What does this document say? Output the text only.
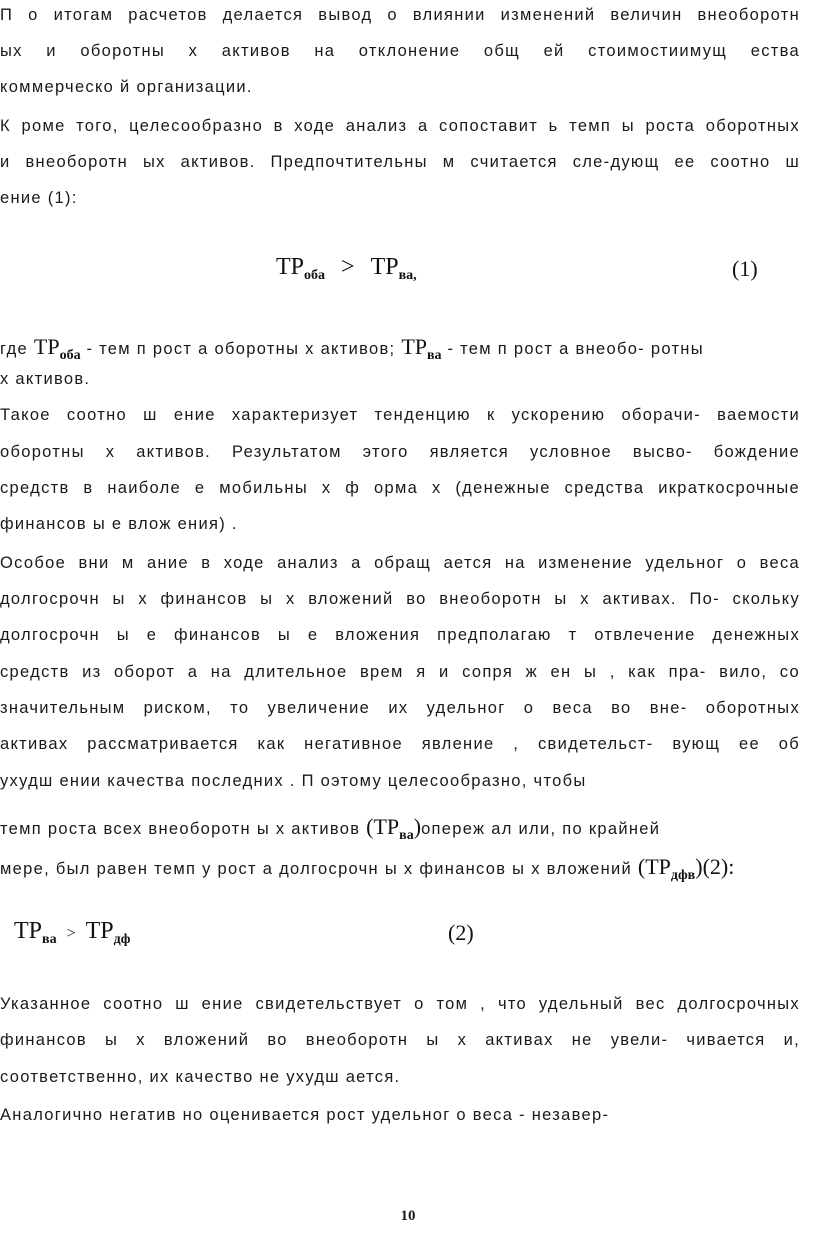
П о итогам расчетов делается вывод о влиянии изменений величин внеоборотн
ых и оборотны х активов на отклонение общ ей стоимостиимущ ества
коммерческо й организации.
К роме того, целесообразно в ходе анализ а сопоставит ь темп ы роста оборотных
и внеоборотн ых активов. Предпочтительны м считается сле-дующ ее соотно ш
ение (1):
$ТР_{оба} > ТР_{ва,}$	(1)
где $ТР_{оба}$ - тем п рост а оборотны х активов; $ТР_{ва}$ - тем п рост а внеобо- ротны
х активов.
Такое соотно ш ение характеризует тенденцию к ускорению оборачи- ваемости
оборотны х активов. Результатом этого является условное высво- бождение
средств в наиболе е мобильны х ф орма х (денежные средства икраткосрочные
финансов ы е влож ения) .
Особое вни м ание в ходе анализ а обращ ается на изменение удельног о веса
долгосрочн ы х финансов ы х вложений во внеоборотн ы х активах. По- скольку
долгосрочн ы е финансов ы е вложения предполагаю т отвлечение денежных
средств из оборот а на длительное врем я и сопря ж ен ы , как пра- вило, со
значительным риском, то увеличение их удельног о веса во вне- оборотных
активах рассматривается как негативное явление , свидетельст- вующ ее об
ухудш ении качества последних . П оэтому целесообразно, чтобы
темп роста всех внеоборотн ы х активов $(ТР_{ва})опереж$ ал или, по крайней
мере, был равен темп у рост а долгосрочн ы х финансов ы х вложений $(ТР_{дфв})(2)$:
$ТР_{ва} > ТР_{дф}$	(2)
Указанное соотно ш ение свидетельствует о том , что удельный вес долгосрочных
финансов ы х вложений во внеоборотн ы х активах не увели- чивается и,
соответственно, их качество не ухудш ается.
Аналогично негатив но оценивается рост удельног о веса - незавер-
10
